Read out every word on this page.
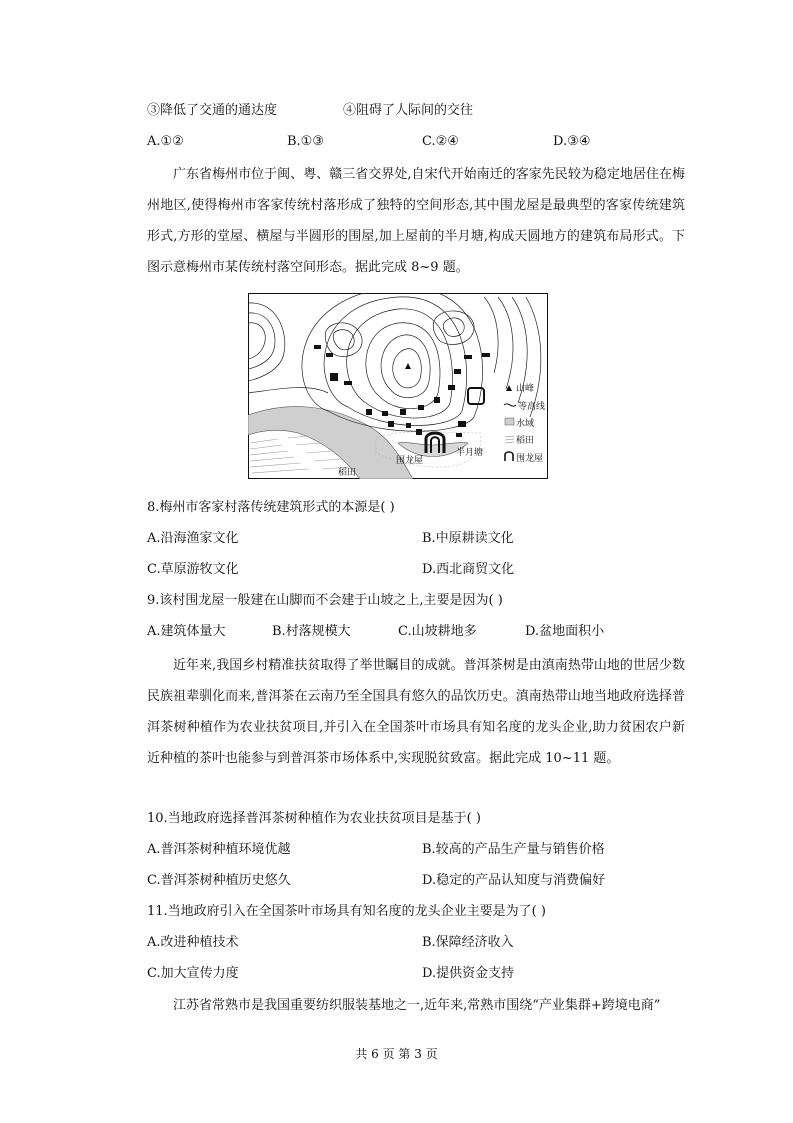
③降低了交通的通达度	④阻碍了人际间的交往
A.①②	B.①③	C.②④	D.③④
广东省梅州市位于闽、粤、赣三省交界处,自宋代开始南迁的客家先民较为稳定地居住在梅州地区,使得梅州市客家传统村落形成了独特的空间形态,其中围龙屋是最典型的客家传统建筑形式,方形的堂屋、横屋与半圆形的围屋,加上屋前的半月塘,构成天圆地方的建筑布局形式。下图示意梅州市某传统村落空间形态。据此完成 8~9 题。
稻田
围龙屋
半月塘
山峰
等高线
水域
稻田
围龙屋
8.梅州市客家村落传统建筑形式的本源是( )
A.沿海渔家文化	B.中原耕读文化
C.草原游牧文化	D.西北商贸文化
9.该村围龙屋一般建在山脚而不会建于山坡之上,主要是因为( )
A.建筑体量大	B.村落规模大	C.山坡耕地多	D.盆地面积小
近年来,我国乡村精准扶贫取得了举世瞩目的成就。普洱茶树是由滇南热带山地的世居少数民族祖辈驯化而来,普洱茶在云南乃至全国具有悠久的品饮历史。滇南热带山地当地政府选择普洱茶树种植作为农业扶贫项目,并引入在全国茶叶市场具有知名度的龙头企业,助力贫困农户新近种植的茶叶也能参与到普洱茶市场体系中,实现脱贫致富。据此完成 10~11 题。
10.当地政府选择普洱茶树种植作为农业扶贫项目是基于( )
A.普洱茶树种植环境优越	B.较高的产品生产量与销售价格
C.普洱茶树种植历史悠久	D.稳定的产品认知度与消费偏好
11.当地政府引入在全国茶叶市场具有知名度的龙头企业主要是为了( )
A.改进种植技术	B.保障经济收入
C.加大宣传力度	D.提供资金支持
江苏省常熟市是我国重要纺织服装基地之一,近年来,常熟市围绕“产业集群+跨境电商”
共 6 页 第 3 页
